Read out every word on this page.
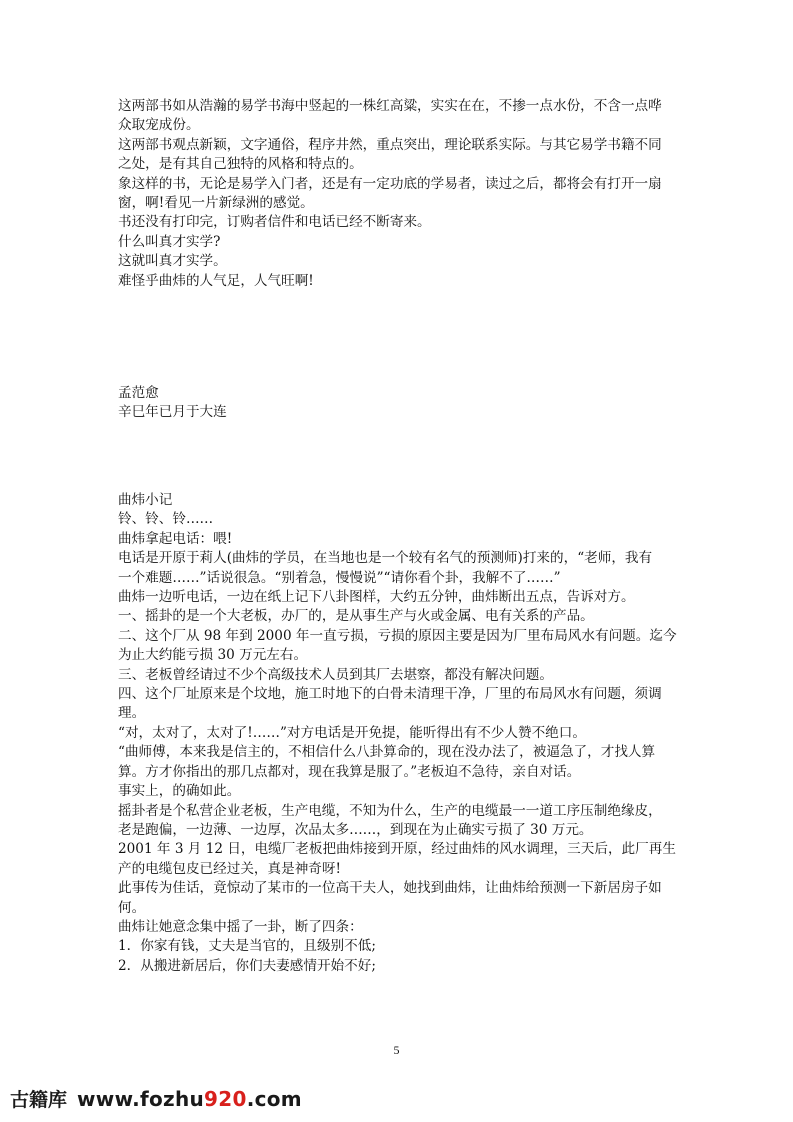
这两部书如从浩瀚的易学书海中竖起的一株红高粱，实实在在，不掺一点水份，不含一点哗

众取宠成份。

这两部书观点新颖，文字通俗，程序井然，重点突出，理论联系实际。与其它易学书籍不同

之处，是有其自己独特的风格和特点的。

象这样的书，无论是易学入门者，还是有一定功底的学易者，读过之后，都将会有打开一扇

窗，啊!看见一片新绿洲的感觉。

书还没有打印完，订购者信件和电话已经不断寄来。

什么叫真才实学?

这就叫真才实学。

难怪乎曲炜的人气足，人气旺啊!

孟范愈

辛巳年已月于大连

曲炜小记

铃、铃、铃……

曲炜拿起电话：喂!

电话是开原于莉人(曲炜的学员，在当地也是一个较有名气的预测师)打来的，“老师，我有

一个难题……”话说很急。“别着急，慢慢说”“请你看个卦，我解不了……”

曲炜一边听电话，一边在纸上记下八卦图样，大约五分钟，曲炜断出五点，告诉对方。

一、摇卦的是一个大老板，办厂的，是从事生产与火或金属、电有关系的产品。

二、这个厂从 98 年到 2000 年一直亏损，亏损的原因主要是因为厂里布局风水有问题。迄今

为止大约能亏损 30 万元左右。

三、老板曾经请过不少个高级技术人员到其厂去堪察，都没有解决问题。

四、这个厂址原来是个坟地，施工时地下的白骨未清理干净，厂里的布局风水有问题，须调

理。

“对，太对了，太对了!……”对方电话是开免提，能听得出有不少人赞不绝口。

“曲师傅，本来我是信主的，不相信什么八卦算命的，现在没办法了，被逼急了，才找人算

算。方才你指出的那几点都对，现在我算是服了。”老板迫不急待，亲自对话。

事实上，的确如此。

摇卦者是个私营企业老板，生产电缆，不知为什么，生产的电缆最一一道工序压制绝缘皮，

老是跑偏，一边薄、一边厚，次品太多……，到现在为止确实亏损了 30 万元。

2001 年 3 月 12 日，电缆厂老板把曲炜接到开原，经过曲炜的风水调理，三天后，此厂再生

产的电缆包皮已经过关，真是神奇呀!

此事传为佳话，竟惊动了某市的一位高干夫人，她找到曲炜，让曲炜给预测一下新居房子如

何。

曲炜让她意念集中摇了一卦，断了四条：

1．你家有钱，丈夫是当官的，且级别不低;

2．从搬进新居后，你们夫妻感情开始不好;

5
古籍库 www.fozhu920.com
